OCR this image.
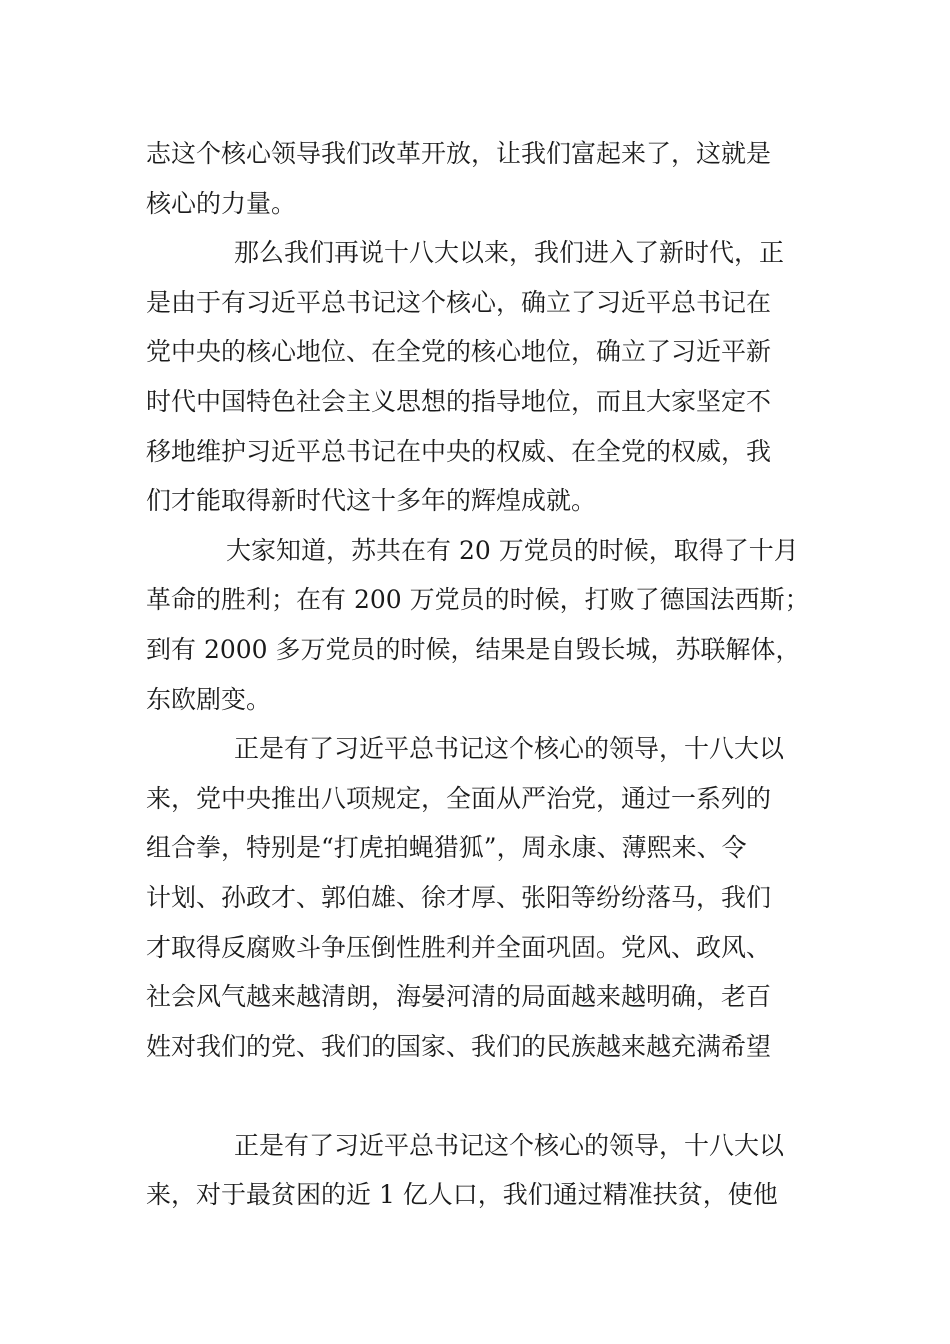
志这个核心领导我们改革开放，让我们富起来了，这就是
核心的力量。

那么我们再说十八大以来，我们进入了新时代，正
是由于有习近平总书记这个核心，确立了习近平总书记在
党中央的核心地位、在全党的核心地位，确立了习近平新
时代中国特色社会主义思想的指导地位，而且大家坚定不
移地维护习近平总书记在中央的权威、在全党的权威，我
们才能取得新时代这十多年的辉煌成就。

大家知道，苏共在有 20 万党员的时候，取得了十月
革命的胜利；在有 200 万党员的时候，打败了德国法西斯；
到有 2000 多万党员的时候，结果是自毁长城，苏联解体，
东欧剧变。

正是有了习近平总书记这个核心的领导，十八大以
来，党中央推出八项规定，全面从严治党，通过一系列的
组合拳，特别是“打虎拍蝇猎狐”，周永康、薄熙来、令
计划、孙政才、郭伯雄、徐才厚、张阳等纷纷落马，我们
才取得反腐败斗争压倒性胜利并全面巩固。党风、政风、
社会风气越来越清朗，海晏河清的局面越来越明确，老百
姓对我们的党、我们的国家、我们的民族越来越充满希望

正是有了习近平总书记这个核心的领导，十八大以
来，对于最贫困的近 1 亿人口，我们通过精准扶贫，使他
